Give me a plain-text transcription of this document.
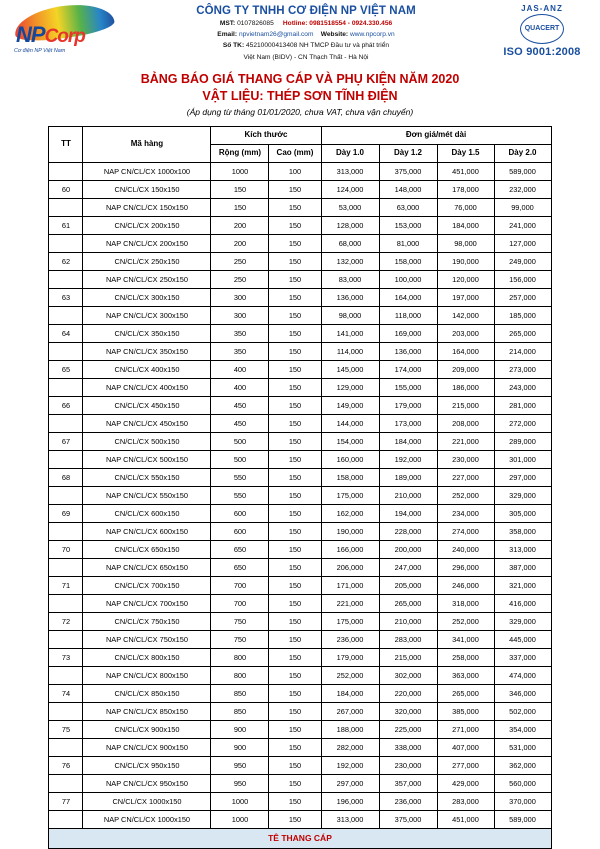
NPCorp
Cơ điện NP Việt Nam
CÔNG TY TNHH CƠ ĐIỆN NP VIỆT NAM
MST: 0107826085 Hotline: 0981518554 - 0924.330.456
Email: npvietnam26@gmail.com Website: www.npcorp.vn
Số TK: 45210000413408 NH TMCP Đầu tư và phát triển
Việt Nam (BIDV) - CN Thạch Thất - Hà Nội
JAS-ANZ
QUACERT
ISO 9001:2008
BẢNG BÁO GIÁ THANG CÁP VÀ PHỤ KIỆN NĂM 2020
VẬT LIỆU: THÉP SƠN TĨNH ĐIỆN
(Áp dụng từ tháng 01/01/2020, chưa VAT, chưa vận chuyển)
TT	Mã hàng	Kích thước		Đơn giá/mét dài			
		Rộng (mm)	Cao (mm)	Dày 1.0	Dày 1.2	Dày 1.5	Dày 2.0
	NAP CN/CL/CX 1000x100	1000	100	313,000	375,000	451,000	589,000
60	CN/CL/CX 150x150	150	150	124,000	148,000	178,000	232,000
	NAP CN/CL/CX 150x150	150	150	53,000	63,000	76,000	99,000
61	CN/CL/CX 200x150	200	150	128,000	153,000	184,000	241,000
	NAP CN/CL/CX 200x150	200	150	68,000	81,000	98,000	127,000
62	CN/CL/CX 250x150	250	150	132,000	158,000	190,000	249,000
	NAP CN/CL/CX 250x150	250	150	83,000	100,000	120,000	156,000
63	CN/CL/CX 300x150	300	150	136,000	164,000	197,000	257,000
	NAP CN/CL/CX 300x150	300	150	98,000	118,000	142,000	185,000
64	CN/CL/CX 350x150	350	150	141,000	169,000	203,000	265,000
	NAP CN/CL/CX 350x150	350	150	114,000	136,000	164,000	214,000
65	CN/CL/CX 400x150	400	150	145,000	174,000	209,000	273,000
	NAP CN/CL/CX 400x150	400	150	129,000	155,000	186,000	243,000
66	CN/CL/CX 450x150	450	150	149,000	179,000	215,000	281,000
	NAP CN/CL/CX 450x150	450	150	144,000	173,000	208,000	272,000
67	CN/CL/CX 500x150	500	150	154,000	184,000	221,000	289,000
	NAP CN/CL/CX 500x150	500	150	160,000	192,000	230,000	301,000
68	CN/CL/CX 550x150	550	150	158,000	189,000	227,000	297,000
	NAP CN/CL/CX 550x150	550	150	175,000	210,000	252,000	329,000
69	CN/CL/CX 600x150	600	150	162,000	194,000	234,000	305,000
	NAP CN/CL/CX 600x150	600	150	190,000	228,000	274,000	358,000
70	CN/CL/CX 650x150	650	150	166,000	200,000	240,000	313,000
	NAP CN/CL/CX 650x150	650	150	206,000	247,000	296,000	387,000
71	CN/CL/CX 700x150	700	150	171,000	205,000	246,000	321,000
	NAP CN/CL/CX 700x150	700	150	221,000	265,000	318,000	416,000
72	CN/CL/CX 750x150	750	150	175,000	210,000	252,000	329,000
	NAP CN/CL/CX 750x150	750	150	236,000	283,000	341,000	445,000
73	CN/CL/CX 800x150	800	150	179,000	215,000	258,000	337,000
	NAP CN/CL/CX 800x150	800	150	252,000	302,000	363,000	474,000
74	CN/CL/CX 850x150	850	150	184,000	220,000	265,000	346,000
	NAP CN/CL/CX 850x150	850	150	267,000	320,000	385,000	502,000
75	CN/CL/CX 900x150	900	150	188,000	225,000	271,000	354,000
	NAP CN/CL/CX 900x150	900	150	282,000	338,000	407,000	531,000
76	CN/CL/CX 950x150	950	150	192,000	230,000	277,000	362,000
	NAP CN/CL/CX 950x150	950	150	297,000	357,000	429,000	560,000
77	CN/CL/CX 1000x150	1000	150	196,000	236,000	283,000	370,000
	NAP CN/CL/CX 1000x150	1000	150	313,000	375,000	451,000	589,000
TÊ THANG CÁP							
